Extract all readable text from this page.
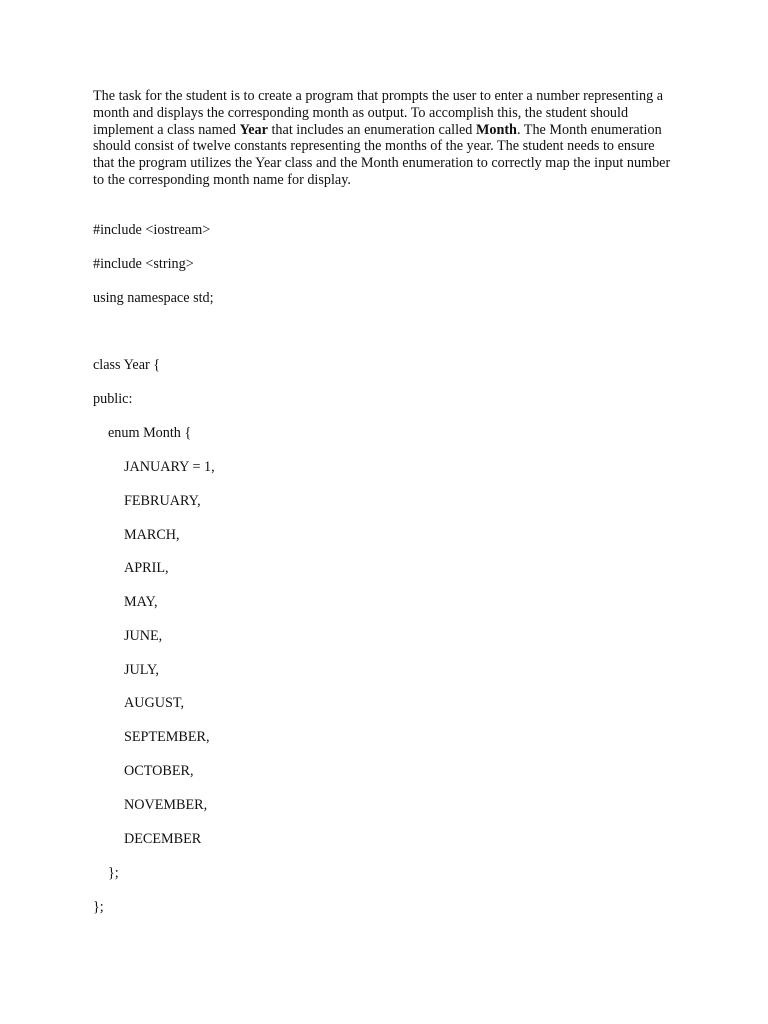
The task for the student is to create a program that prompts the user to enter a number representing a month and displays the corresponding month as output. To accomplish this, the student should implement a class named Year that includes an enumeration called Month. The Month enumeration should consist of twelve constants representing the months of the year. The student needs to ensure that the program utilizes the Year class and the Month enumeration to correctly map the input number to the corresponding month name for display.

#include <iostream>

#include <string>

using namespace std;

class Year {

public:

enum Month {

JANUARY = 1,

FEBRUARY,

MARCH,

APRIL,

MAY,

JUNE,

JULY,

AUGUST,

SEPTEMBER,

OCTOBER,

NOVEMBER,

DECEMBER

};

};
